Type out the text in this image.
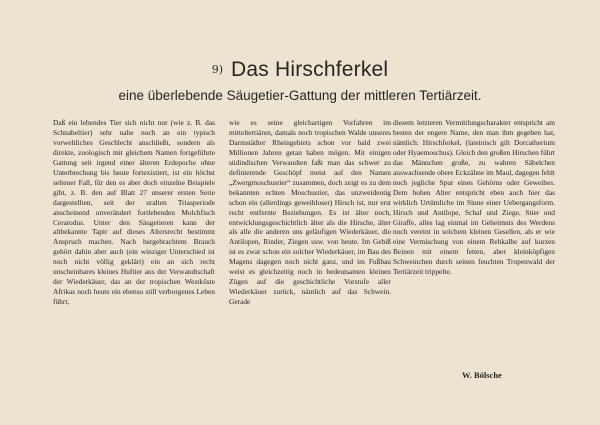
9) Das Hirschferkel
eine überlebende Säugetier-Gattung der mittleren Tertiärzeit.
Daß ein lebendes Tier sich nicht nur (wie z. B. das Schnabeltier) sehr nahe noch an ein typisch vorweltliches Geschlecht anschließt, sondern als direkte, zoologisch mit gleichem Namen fortgeführte Gattung seit irgend einer älteren Erdepoche ohne Unterbrechung bis heute fortexistiert, ist ein höchst seltener Fall, für den es aber doch einzelne Beispiele gibt, z. B. den auf Blatt 27 unserer ersten Serie dargestellten, seit der uralten Triasperiode anscheinend unverändert fortlebenden Molchfisch Ceratodus. Unter den Säugetieren kann der altbekannte Tapir auf dieses Altersrecht bestimmt Anspruch machen. Nach hergebrachtem Brauch gehört dahin aber auch (ein winziger Unterschied ist noch nicht völlig geklärt) ein an sich recht unscheinbares kleines Huftier aus der Verwandtschaft der Wiederkäuer, das an der tropischen Westküste Afrikas noch heute ein ebenso still verborgenes Leben führt,
wie es seine gleichartigen Vorfahren im mitteltertiären, damals noch tropischen Walde unseres Darmstädter Rheingebiets schon vor bald zwei Millionen Jahren getan haben mögen. Mit einigen südindischen Verwandten faßt man das schwer zu definierende Geschöpf meist auf den Namen „Zwergmoschustier“ zusammen, doch zeigt es zu dem bekannten echten Moschustier, das unzweideutig schon ein (allerdings geweihloser) Hirsch ist, nur erst recht entfernte Beziehungen. Es ist älter noch, entwicklungsgeschichtlich älter als die Hirsche, älter als alle die anderen uns geläufigen Wiederkäuer, die Antilopen, Rinder, Ziegen usw. von heute. Im Gebiß ist es zwar schon ein solcher Wiederkäuer, im Bau des Magens dagegen noch nicht ganz, und im Fußbau weist es gleichzeitig noch in bedeutsamen kleinen Zügen auf die geschichtliche Vorstufe aller Wiederkäuer zurück, nämlich auf das Schwein. Gerade
diesem letzteren Vermittlungscharakter entspricht am besten der engere Name, den man ihm gegeben hat, nämlich: Hirschferkel, (lateinisch gilt Dorcatherium oder Hyaemoschus). Gleich den großen Hirschen führt das Männchen große, zu wahren Säbelchen auswachsende obere Eckzähne im Maul, dagegen fehlt noch jegliche Spur eines Gehörns oder Geweihes. Dem hohen Alter entspricht eben auch hier das wirklich Urtümliche im Sinne einer Uebergangsform. Hirsch und Antilope, Schaf und Ziege, Stier und Giraffe, alles lag einmal im Geheimnis des Werdens noch vereint in solchem kleinen Gesellen, als er wie eine Vermischung von einem Rehkalbe auf kurzen Beinen mit einem fetten, aber kleinköpfigen Schweinchen durch seinen feuchten Tropenwald der Tertiärzeit trippelte.
W. Bölsche
